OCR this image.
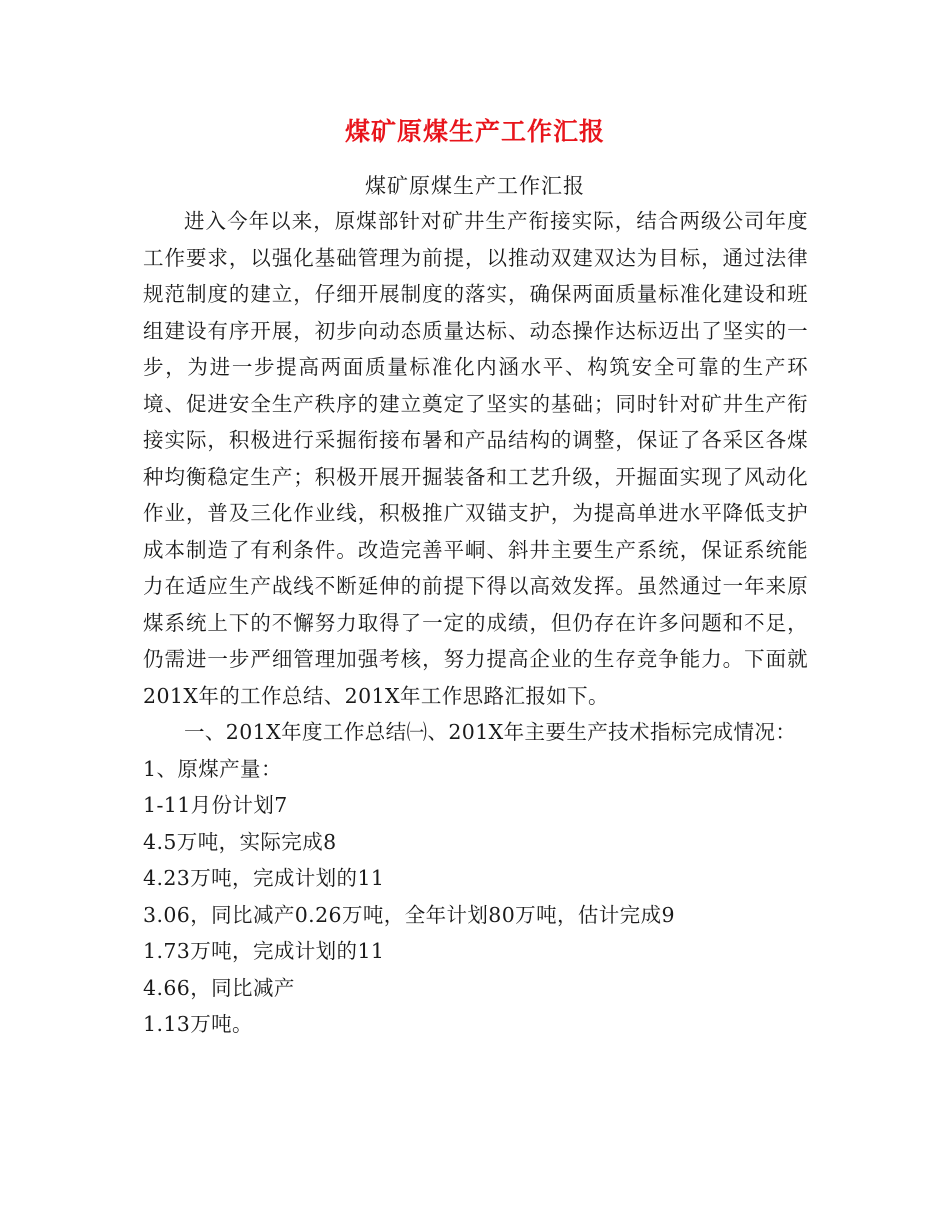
煤矿原煤生产工作汇报
煤矿原煤生产工作汇报

进入今年以来，原煤部针对矿井生产衔接实际，结合两级公司年度工作要求，以强化基础管理为前提，以推动双建双达为目标，通过法律规范制度的建立，仔细开展制度的落实，确保两面质量标准化建设和班组建设有序开展，初步向动态质量达标、动态操作达标迈出了坚实的一步，为进一步提高两面质量标准化内涵水平、构筑安全可靠的生产环境、促进安全生产秩序的建立奠定了坚实的基础；同时针对矿井生产衔接实际，积极进行采掘衔接布暑和产品结构的调整，保证了各采区各煤种均衡稳定生产；积极开展开掘装备和工艺升级，开掘面实现了风动化作业，普及三化作业线，积极推广双锚支护，为提高单进水平降低支护成本制造了有利条件。改造完善平峒、斜井主要生产系统，保证系统能力在适应生产战线不断延伸的前提下得以高效发挥。虽然通过一年来原煤系统上下的不懈努力取得了一定的成绩，但仍存在许多问题和不足，仍需进一步严细管理加强考核，努力提高企业的生存竞争能力。下面就201X年的工作总结、201X年工作思路汇报如下。

一、201X年度工作总结㈠、201X年主要生产技术指标完成情况：

1、原煤产量：

1-11月份计划7

4.5万吨，实际完成8

4.23万吨，完成计划的11

3.06，同比减产0.26万吨，全年计划80万吨，估计完成9

1.73万吨，完成计划的11

4.66，同比减产

1.13万吨。
